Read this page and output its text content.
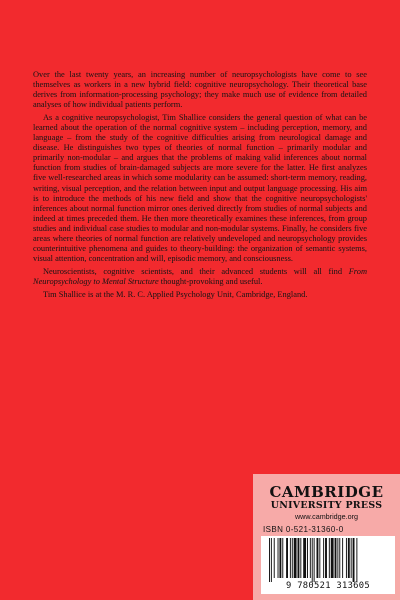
Over the last twenty years, an increasing number of neuropsychologists have come to see themselves as workers in a new hybrid field: cognitive neuropsychology. Their theoretical base derives from information-processing psychology; they make much use of evidence from detailed analyses of how individual patients perform.

As a cognitive neuropsychologist, Tim Shallice considers the general question of what can be learned about the operation of the normal cognitive system – including perception, memory, and language – from the study of the cognitive difficulties arising from neurological damage and disease. He distinguishes two types of theories of normal function – primarily modular and primarily non-modular – and argues that the problems of making valid inferences about normal function from studies of brain-damaged subjects are more severe for the latter. He first analyzes five well-researched areas in which some modularity can be assumed: short-term memory, reading, writing, visual perception, and the relation between input and output language processing. His aim is to introduce the methods of his new field and show that the cognitive neuropsychologists' inferences about normal function mirror ones derived directly from studies of normal subjects and indeed at times preceded them. He then more theoretically examines these inferences, from group studies and individual case studies to modular and non-modular systems. Finally, he considers five areas where theories of normal function are relatively undeveloped and neuropsychology provides counterintuitive phenomena and guides to theory-building: the organization of semantic systems, visual attention, concentration and will, episodic memory, and consciousness.

Neuroscientists, cognitive scientists, and their advanced students will all find From Neuropsychology to Mental Structure thought-provoking and useful.

Tim Shallice is at the M. R. C. Applied Psychology Unit, Cambridge, England.

CAMBRIDGE
UNIVERSITY PRESS
www.cambridge.org
ISBN 0-521-31360-0
9 780521 313605
